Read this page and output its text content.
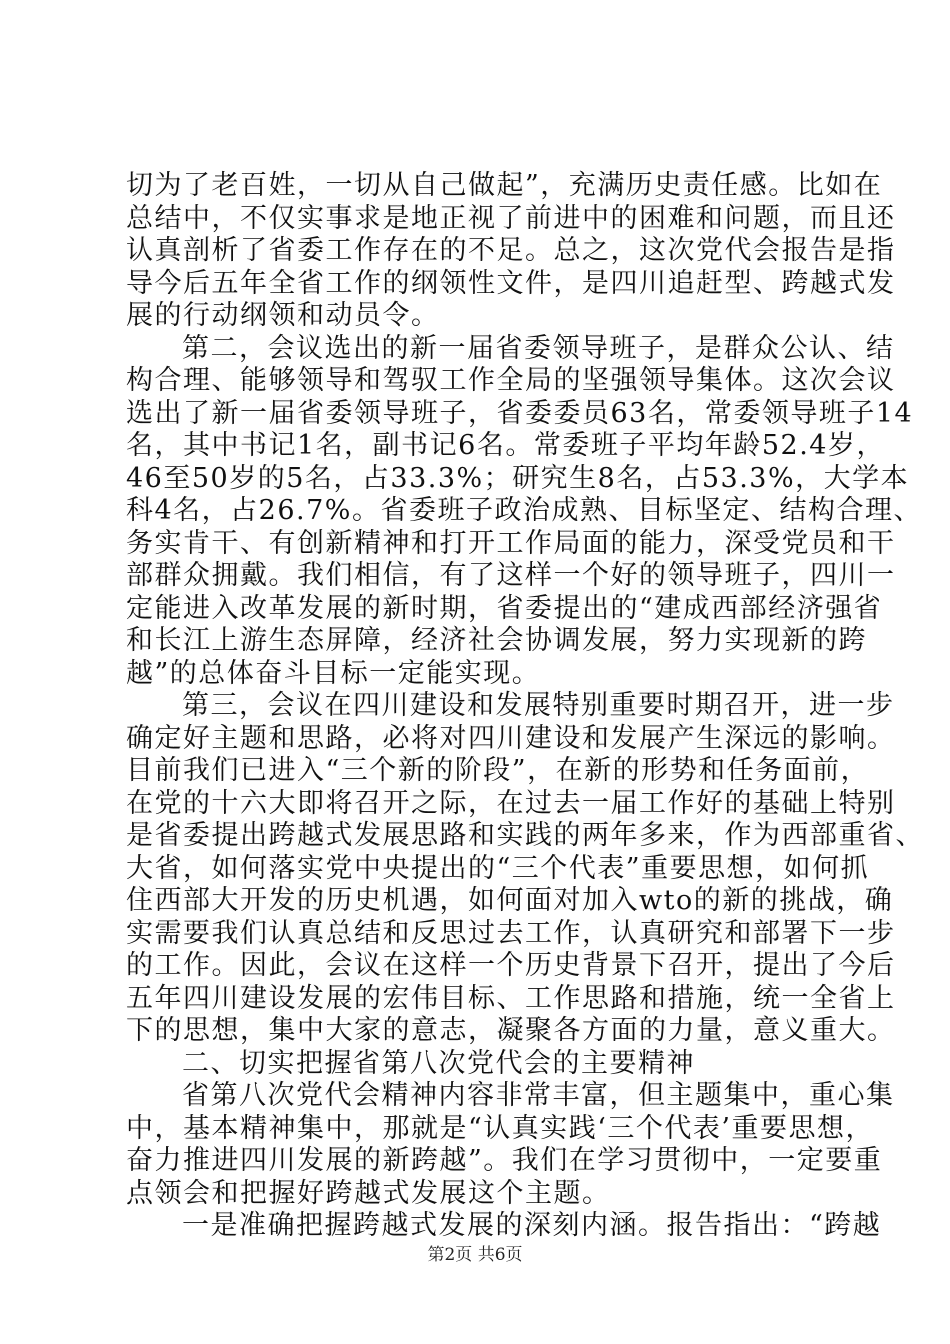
切为了老百姓，一切从自己做起”，充满历史责任感。比如在
总结中，不仅实事求是地正视了前进中的困难和问题，而且还
认真剖析了省委工作存在的不足。总之，这次党代会报告是指
导今后五年全省工作的纲领性文件，是四川追赶型、跨越式发
展的行动纲领和动员令。
第二，会议选出的新一届省委领导班子，是群众公认、结
构合理、能够领导和驾驭工作全局的坚强领导集体。这次会议
选出了新一届省委领导班子，省委委员63名，常委领导班子14
名，其中书记1名，副书记6名。常委班子平均年龄52.4岁，
46至50岁的5名，占33.3%；研究生8名，占53.3%，大学本
科4名，占26.7%。省委班子政治成熟、目标坚定、结构合理、
务实肯干、有创新精神和打开工作局面的能力，深受党员和干
部群众拥戴。我们相信，有了这样一个好的领导班子，四川一
定能进入改革发展的新时期，省委提出的“建成西部经济强省
和长江上游生态屏障，经济社会协调发展，努力实现新的跨
越”的总体奋斗目标一定能实现。
第三，会议在四川建设和发展特别重要时期召开，进一步
确定好主题和思路，必将对四川建设和发展产生深远的影响。
目前我们已进入“三个新的阶段”，在新的形势和任务面前，
在党的十六大即将召开之际，在过去一届工作好的基础上特别
是省委提出跨越式发展思路和实践的两年多来，作为西部重省、
大省，如何落实党中央提出的“三个代表”重要思想，如何抓
住西部大开发的历史机遇，如何面对加入wto的新的挑战，确
实需要我们认真总结和反思过去工作，认真研究和部署下一步
的工作。因此，会议在这样一个历史背景下召开，提出了今后
五年四川建设发展的宏伟目标、工作思路和措施，统一全省上
下的思想，集中大家的意志，凝聚各方面的力量，意义重大。
二、切实把握省第八次党代会的主要精神
省第八次党代会精神内容非常丰富，但主题集中，重心集
中，基本精神集中，那就是“认真实践‘三个代表’重要思想，
奋力推进四川发展的新跨越”。我们在学习贯彻中，一定要重
点领会和把握好跨越式发展这个主题。
一是准确把握跨越式发展的深刻内涵。报告指出：“跨越
第2页 共6页
